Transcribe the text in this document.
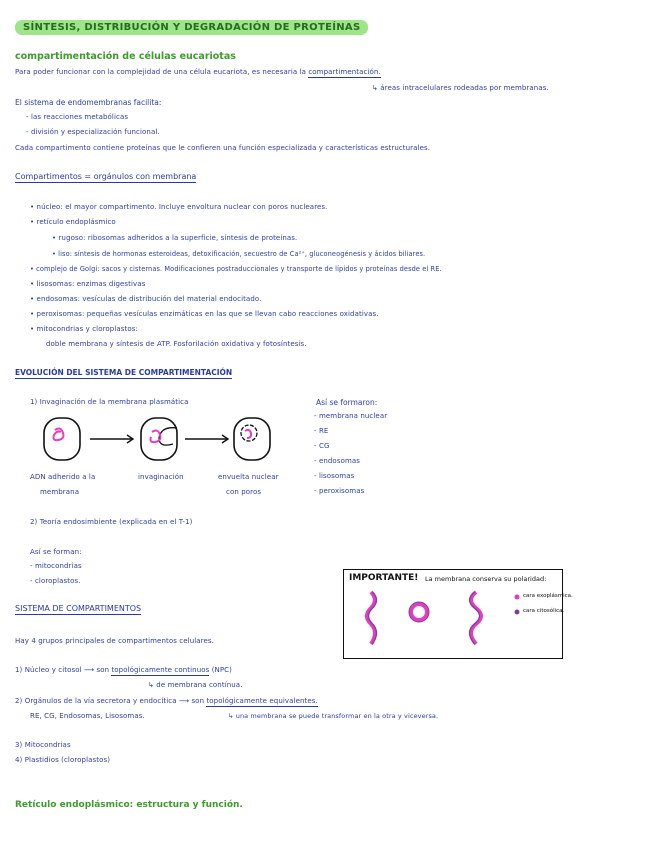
SÍNTESIS, DISTRIBUCIÓN Y DEGRADACIÓN DE PROTEÍNAS
compartimentación de células eucariotas
Para poder funcionar con la complejidad de una célula eucariota, es necesaria la compartimentación.
↳ áreas intracelulares rodeadas por membranas.
El sistema de endomembranas facilita:
- las reacciones metabólicas
- división y especialización funcional.
Cada compartimento contiene proteínas que le confieren una función especializada y características estructurales.
Compartimentos = orgánulos con membrana
• núcleo: el mayor compartimento. Incluye envoltura nuclear con poros nucleares.
• retículo endoplásmico
• rugoso: ribosomas adheridos a la superficie, síntesis de proteínas.
• liso: síntesis de hormonas esteroideas, detoxificación, secuestro de Ca²⁺, gluconeogénesis y ácidos biliares.
• complejo de Golgi: sacos y cisternas. Modificaciones postraduccionales y transporte de lípidos y proteínas desde el RE.
• lisosomas: enzimas digestivas
• endosomas: vesículas de distribución del material endocitado.
• peroxisomas: pequeñas vesículas enzimáticas en las que se llevan cabo reacciones oxidativas.
• mitocondrias y cloroplastos:
doble membrana y síntesis de ATP. Fosforilación oxidativa y fotosíntesis.
EVOLUCIÓN DEL SISTEMA DE COMPARTIMENTACIÓN
1) Invaginación de la membrana plasmática
ADN adherido a la
membrana
invaginación	envuelta nuclear
con poros
Así se formaron:
- membrana nuclear
- RE
- CG
- endosomas
- lisosomas
- peroxisomas
2) Teoría endosimbiente (explicada en el T-1)
Así se forman:
- mitocondrias
- cloroplastos.	IMPORTANTE! La membrana conserva su polaridad:
cara exoplásmica.
cara citosólica.
SISTEMA DE COMPARTIMENTOS
Hay 4 grupos principales de compartimentos celulares.
1) Núcleo y citosol ⟶ son topológicamente continuos (NPC)
↳ de membrana contínua.
2) Orgánulos de la vía secretora y endocítica ⟶ son topológicamente equivalentes.
RE, CG, Endosomas, Lisosomas.	↳ una membrana se puede transformar en la otra y viceversa.
3) Mitocondrias
4) Plastidios (cloroplastos)
Retículo endoplásmico: estructura y función.
